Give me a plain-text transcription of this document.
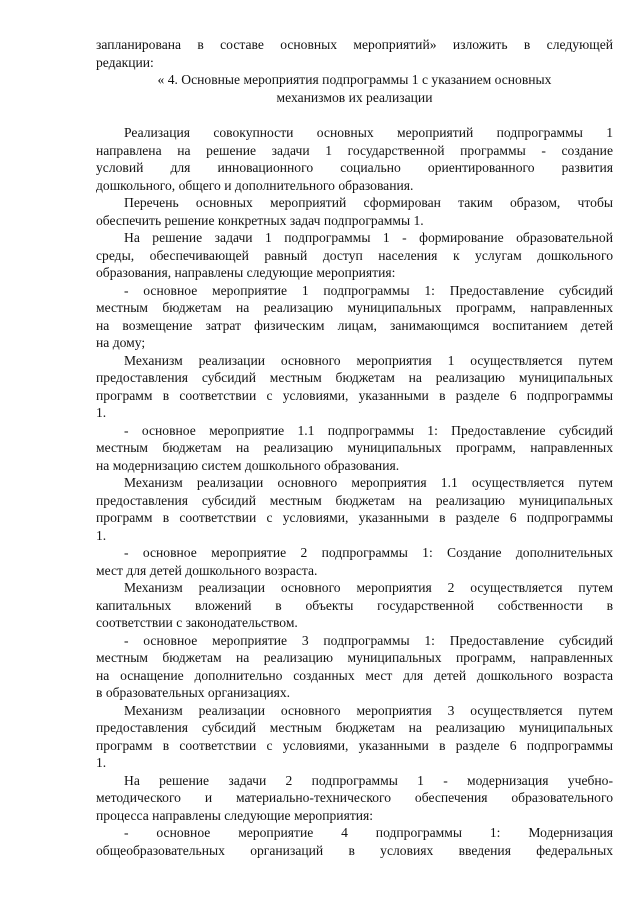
запланирована в составе основных мероприятий» изложить в следующей
редакции:
« 4. Основные мероприятия подпрограммы 1 с указанием основных
механизмов их реализации
Реализация совокупности основных мероприятий подпрограммы 1
направлена на решение задачи 1 государственной программы - создание
условий для инновационного социально ориентированного развития
дошкольного, общего и дополнительного образования.
Перечень основных мероприятий сформирован таким образом, чтобы
обеспечить решение конкретных задач подпрограммы 1.
На решение задачи 1 подпрограммы 1 - формирование образовательной
среды, обеспечивающей равный доступ населения к услугам дошкольного
образования, направлены следующие мероприятия:
- основное мероприятие 1 подпрограммы 1: Предоставление субсидий
местным бюджетам на реализацию муниципальных программ, направленных
на возмещение затрат физическим лицам, занимающимся воспитанием детей
на дому;
Механизм реализации основного мероприятия 1 осуществляется путем
предоставления субсидий местным бюджетам на реализацию муниципальных
программ в соответствии с условиями, указанными в разделе 6 подпрограммы
1.
- основное мероприятие 1.1 подпрограммы 1: Предоставление субсидий
местным бюджетам на реализацию муниципальных программ, направленных
на модернизацию систем дошкольного образования.
Механизм реализации основного мероприятия 1.1 осуществляется путем
предоставления субсидий местным бюджетам на реализацию муниципальных
программ в соответствии с условиями, указанными в разделе 6 подпрограммы
1.
- основное мероприятие 2 подпрограммы 1: Создание дополнительных
мест для детей дошкольного возраста.
Механизм реализации основного мероприятия 2 осуществляется путем
капитальных вложений в объекты государственной собственности в
соответствии с законодательством.
- основное мероприятие 3 подпрограммы 1: Предоставление субсидий
местным бюджетам на реализацию муниципальных программ, направленных
на оснащение дополнительно созданных мест для детей дошкольного возраста
в образовательных организациях.
Механизм реализации основного мероприятия 3 осуществляется путем
предоставления субсидий местным бюджетам на реализацию муниципальных
программ в соответствии с условиями, указанными в разделе 6 подпрограммы
1.
На решение задачи 2 подпрограммы 1 - модернизация учебно-
методического и материально-технического обеспечения образовательного
процесса направлены следующие мероприятия:
- основное мероприятие 4 подпрограммы 1: Модернизация
общеобразовательных организаций в условиях введения федеральных
